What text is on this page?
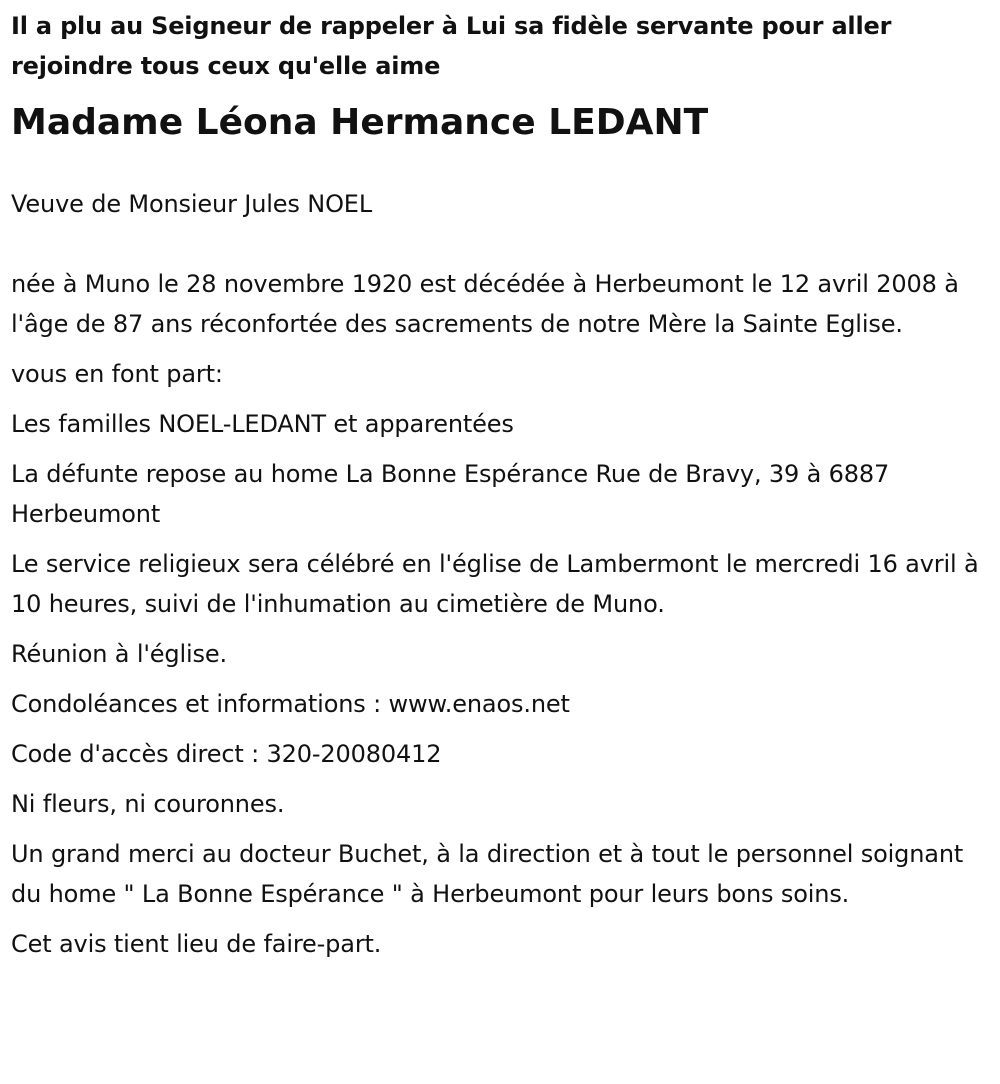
Il a plu au Seigneur de rappeler à Lui sa fidèle servante pour aller rejoindre tous ceux qu'elle aime

Madame Léona Hermance LEDANT

Veuve de Monsieur Jules NOEL

née à Muno le 28 novembre 1920 est décédée à Herbeumont le 12 avril 2008 à l'âge de 87 ans réconfortée des sacrements de notre Mère la Sainte Eglise.

vous en font part:

Les familles NOEL-LEDANT et apparentées

La défunte repose au home La Bonne Espérance Rue de Bravy, 39 à 6887 Herbeumont

Le service religieux sera célébré en l'église de Lambermont le mercredi 16 avril à 10 heures, suivi de l'inhumation au cimetière de Muno.

Réunion à l'église.

Condoléances et informations : www.enaos.net

Code d'accès direct : 320-20080412

Ni fleurs, ni couronnes.

Un grand merci au docteur Buchet, à la direction et à tout le personnel soignant du home " La Bonne Espérance " à Herbeumont pour leurs bons soins.

Cet avis tient lieu de faire-part.
